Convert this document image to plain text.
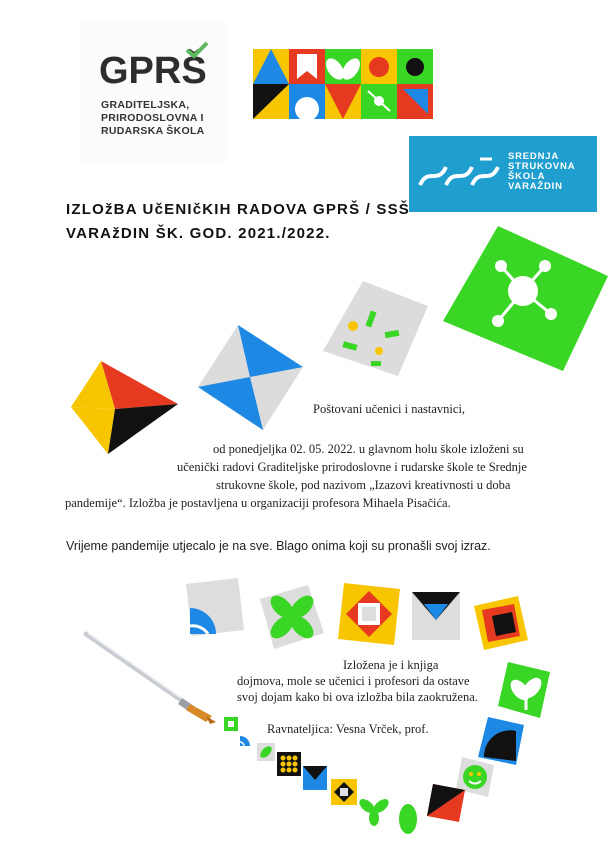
GPRŠ
GRADITELJSKA,
PRIRODOSLOVNA I
RUDARSKA ŠKOLA
SREDNJA
STRUKOVNA
ŠKOLA
VARAŽDIN
IZLOžBA UčENIčKIH RADOVA GPRŠ / SSŠ
VARAžDIN ŠK. GOD. 2021./2022.
Poštovani učenici i nastavnici,
od ponedjeljka 02. 05. 2022. u glavnom holu škole izloženi su
učenički radovi Graditeljske prirodoslovne i rudarske škole te Srednje
strukovne škole, pod nazivom „Izazovi kreativnosti u doba
pandemije“. Izložba je postavljena u organizaciji profesora Mihaela Pisačića.
Vrijeme pandemije utjecalo je na sve. Blago onima koji su pronašli svoj izraz.
Izložena je i knjiga
dojmova, mole se učenici i profesori da ostave
svoj dojam kako bi ova izložba bila zaokružena.
Ravnateljica: Vesna Vrček, prof.
